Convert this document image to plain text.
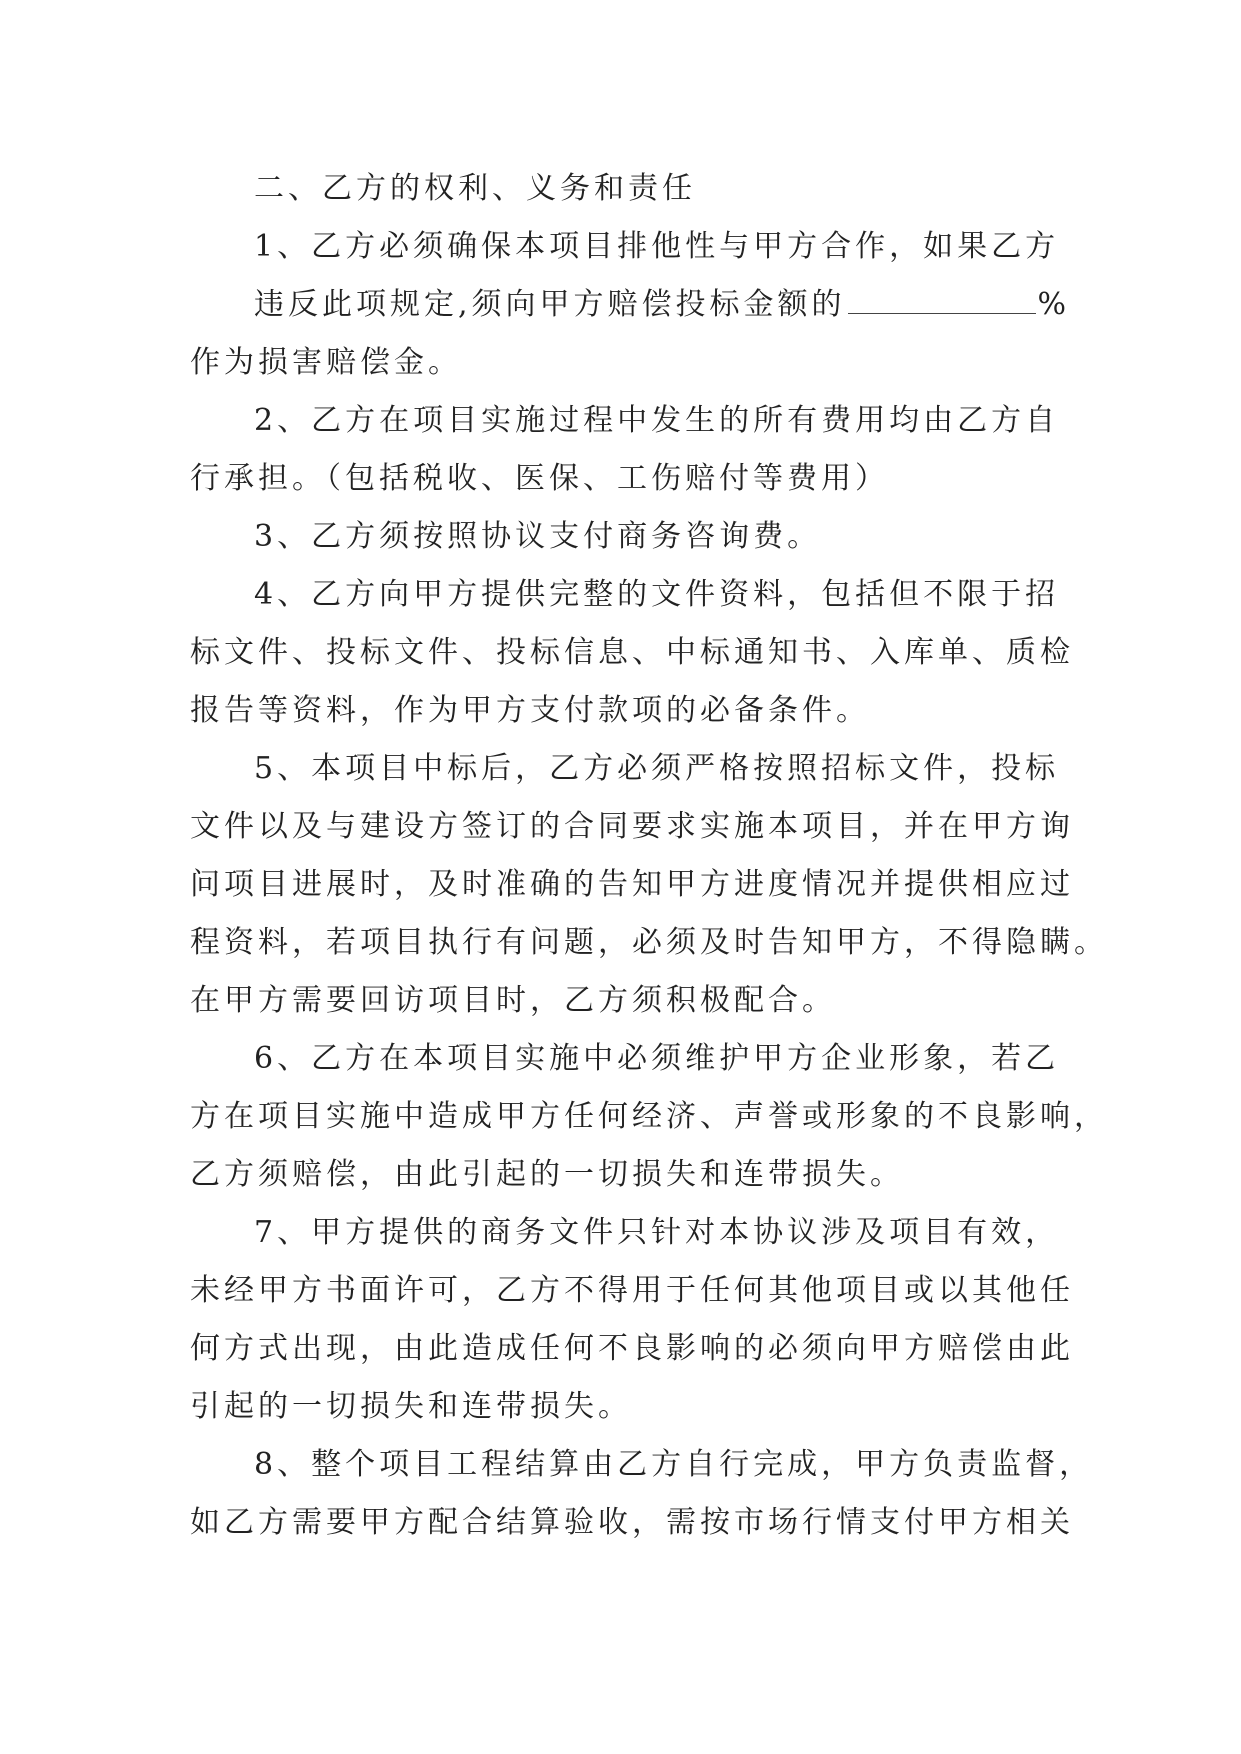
二、乙方的权利、义务和责任
1、乙方必须确保本项目排他性与甲方合作，如果乙方
违反此项规定,须向甲方赔偿投标金额的	%
作为损害赔偿金。
2、乙方在项目实施过程中发生的所有费用均由乙方自
行承担。（包括税收、医保、工伤赔付等费用）
3、乙方须按照协议支付商务咨询费。
4、乙方向甲方提供完整的文件资料，包括但不限于招
标文件、投标文件、投标信息、中标通知书、入库单、质检
报告等资料，作为甲方支付款项的必备条件。
5、本项目中标后，乙方必须严格按照招标文件，投标
文件以及与建设方签订的合同要求实施本项目，并在甲方询
问项目进展时，及时准确的告知甲方进度情况并提供相应过
程资料，若项目执行有问题，必须及时告知甲方，不得隐瞒。
在甲方需要回访项目时，乙方须积极配合。
6、乙方在本项目实施中必须维护甲方企业形象，若乙
方在项目实施中造成甲方任何经济、声誉或形象的不良影响，
乙方须赔偿，由此引起的一切损失和连带损失。
7、甲方提供的商务文件只针对本协议涉及项目有效，
未经甲方书面许可，乙方不得用于任何其他项目或以其他任
何方式出现，由此造成任何不良影响的必须向甲方赔偿由此
引起的一切损失和连带损失。
8、整个项目工程结算由乙方自行完成，甲方负责监督，
如乙方需要甲方配合结算验收，需按市场行情支付甲方相关
